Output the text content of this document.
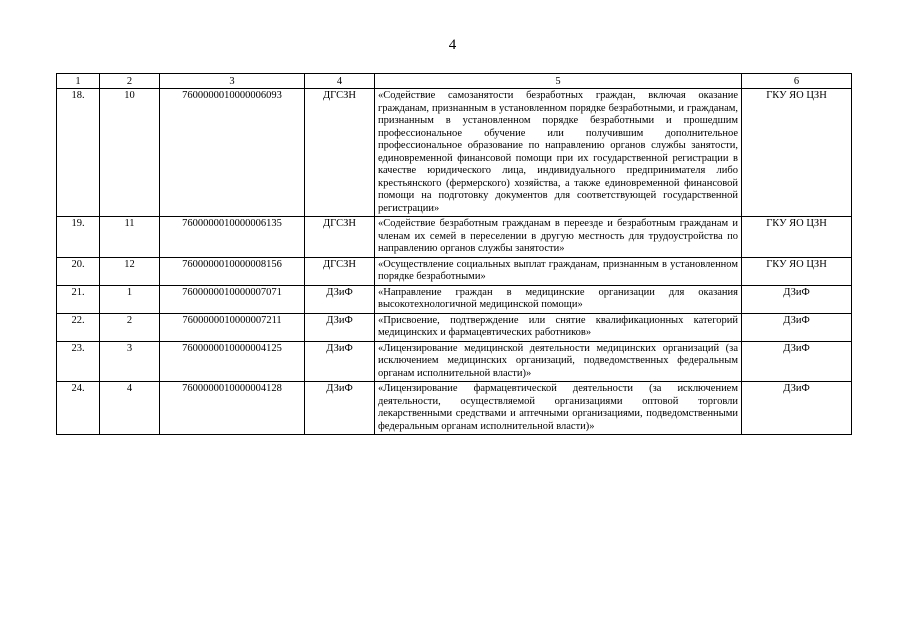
4
1	2	3	4	5	6
18.	10	7600000010000006093	ДГСЗН	«Содействие самозанятости безработных граждан, включая оказание гражданам, признанным в установленном порядке безработными, и гражданам, признанным в установленном порядке безработными и прошедшим профессиональное обучение или получившим дополнительное профессиональное образование по направлению органов службы занятости, единовременной финансовой помощи при их государственной регистрации в качестве юридического лица, индивидуального предпринимателя либо крестьянского (фермерского) хозяйства, а также единовременной финансовой помощи на подготовку документов для соответствующей государственной регистрации»	ГКУ ЯО ЦЗН
19.	11	7600000010000006135	ДГСЗН	«Содействие безработным гражданам в переезде и безработным гражданам и членам их семей в переселении в другую местность для трудоустройства по направлению органов службы занятости»	ГКУ ЯО ЦЗН
20.	12	7600000010000008156	ДГСЗН	«Осуществление социальных выплат гражданам, признанным в установленном порядке безработными»	ГКУ ЯО ЦЗН
21.	1	7600000010000007071	ДЗиФ	«Направление граждан в медицинские организации для оказания высокотехнологичной медицинской помощи»	ДЗиФ
22.	2	7600000010000007211	ДЗиФ	«Присвоение, подтверждение или снятие квалификационных категорий медицинских и фармацевтических работников»	ДЗиФ
23.	3	7600000010000004125	ДЗиФ	«Лицензирование медицинской деятельности медицинских организаций (за исключением медицинских организаций, подведомственных федеральным органам исполнительной власти)»	ДЗиФ
24.	4	7600000010000004128	ДЗиФ	«Лицензирование фармацевтической деятельности (за исключением деятельности, осуществляемой организациями оптовой торговли лекарственными средствами и аптечными организациями, подведомственными федеральным органам исполнительной власти)»	ДЗиФ
